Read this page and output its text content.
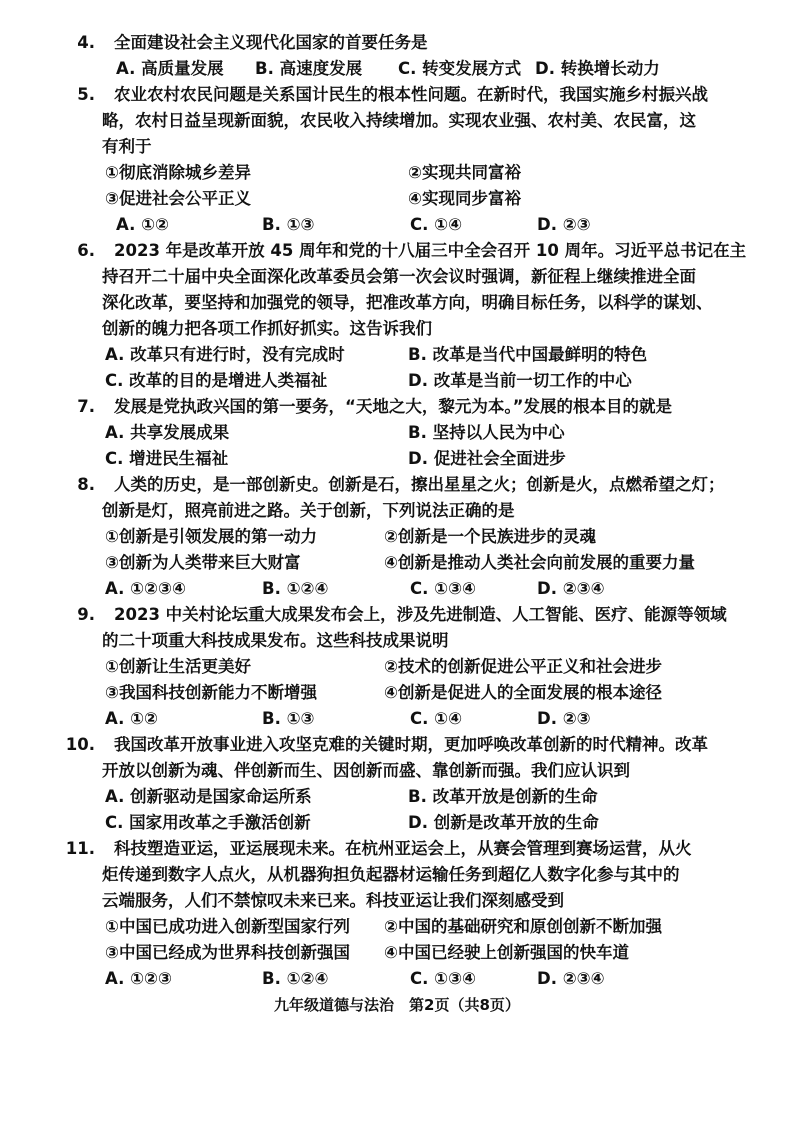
4. 全面建设社会主义现代化国家的首要任务是
A. 高质量发展 B. 高速度发展 C. 转变发展方式 D. 转换增长动力
5. 农业农村农民问题是关系国计民生的根本性问题。在新时代，我国实施乡村振兴战
略，农村日益呈现新面貌，农民收入持续增加。实现农业强、农村美、农民富，这
有利于
①彻底消除城乡差异	②实现共同富裕
③促进社会公平正义	④实现同步富裕
A. ①②	B. ①③	C. ①④	D. ②③
6. 2023 年是改革开放 45 周年和党的十八届三中全会召开 10 周年。习近平总书记在主
持召开二十届中央全面深化改革委员会第一次会议时强调，新征程上继续推进全面
深化改革，要坚持和加强党的领导，把准改革方向，明确目标任务，以科学的谋划、
创新的魄力把各项工作抓好抓实。这告诉我们
A. 改革只有进行时，没有完成时	B. 改革是当代中国最鲜明的特色
C. 改革的目的是增进人类福祉	D. 改革是当前一切工作的中心
7. 发展是党执政兴国的第一要务，“天地之大，黎元为本。”发展的根本目的就是
A. 共享发展成果	B. 坚持以人民为中心
C. 增进民生福祉	D. 促进社会全面进步
8. 人类的历史，是一部创新史。创新是石，擦出星星之火；创新是火，点燃希望之灯；
创新是灯，照亮前进之路。关于创新，下列说法正确的是
①创新是引领发展的第一动力	②创新是一个民族进步的灵魂
③创新为人类带来巨大财富	④创新是推动人类社会向前发展的重要力量
A. ①②③④	B. ①②④	C. ①③④	D. ②③④
9. 2023 中关村论坛重大成果发布会上，涉及先进制造、人工智能、医疗、能源等领域
的二十项重大科技成果发布。这些科技成果说明
①创新让生活更美好	②技术的创新促进公平正义和社会进步
③我国科技创新能力不断增强	④创新是促进人的全面发展的根本途径
A. ①②	B. ①③	C. ①④	D. ②③
10. 我国改革开放事业进入攻坚克难的关键时期，更加呼唤改革创新的时代精神。改革
开放以创新为魂、伴创新而生、因创新而盛、靠创新而强。我们应认识到
A. 创新驱动是国家命运所系	B. 改革开放是创新的生命
C. 国家用改革之手激活创新	D. 创新是改革开放的生命
11. 科技塑造亚运，亚运展现未来。在杭州亚运会上，从赛会管理到赛场运营，从火
炬传递到数字人点火，从机器狗担负起器材运输任务到超亿人数字化参与其中的
云端服务，人们不禁惊叹未来已来。科技亚运让我们深刻感受到
①中国已成功进入创新型国家行列 ②中国的基础研究和原创创新不断加强
③中国已经成为世界科技创新强国 ④中国已经驶上创新强国的快车道
A. ①②③	B. ①②④	C. ①③④	D. ②③④
九年级道德与法治　第2页（共8页）
